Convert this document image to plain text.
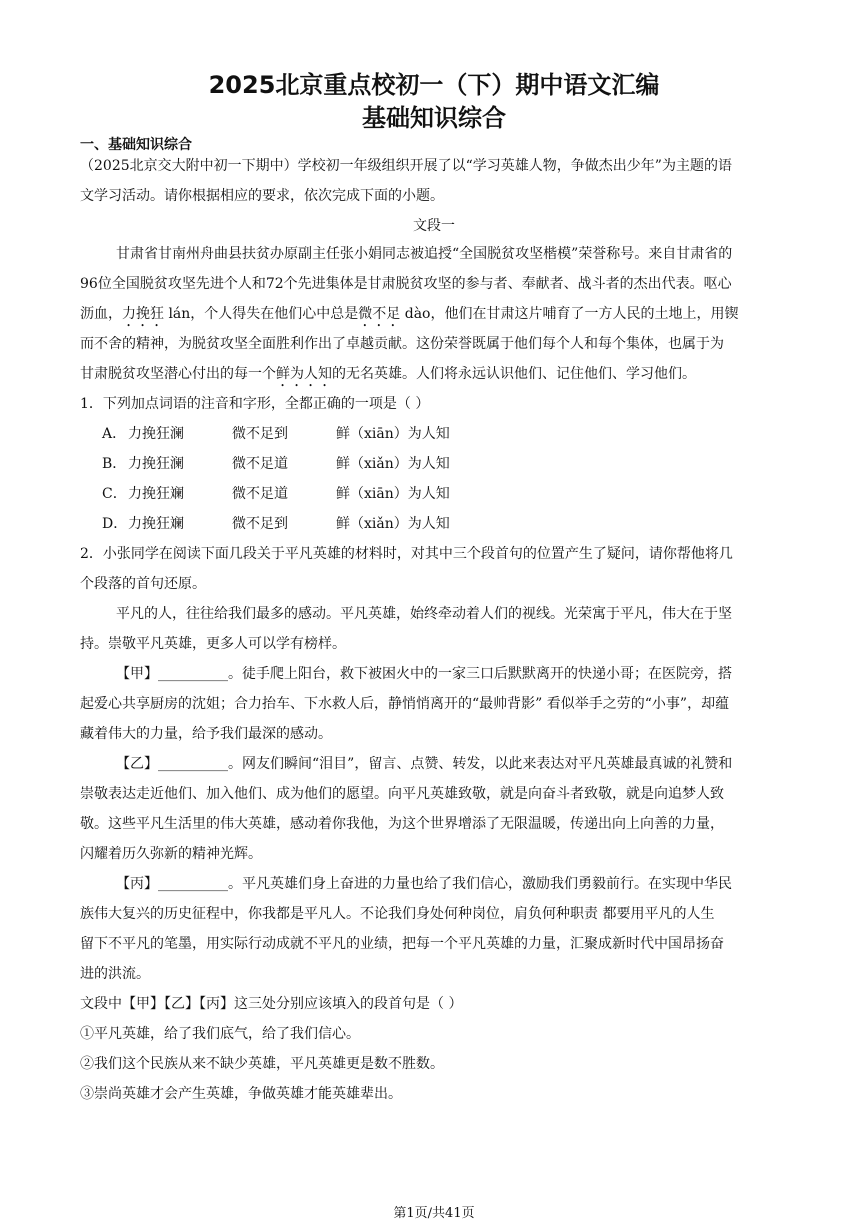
2025北京重点校初一（下）期中语文汇编
基础知识综合
一、基础知识综合
（2025北京交大附中初一下期中）学校初一年级组织开展了以“学习英雄人物，争做杰出少年”为主题的语
文学习活动。请你根据相应的要求，依次完成下面的小题。
文段一
甘肃省甘南州舟曲县扶贫办原副主任张小娟同志被追授“全国脱贫攻坚楷模”荣誉称号。来自甘肃省的
96位全国脱贫攻坚先进个人和72个先进集体是甘肃脱贫攻坚的参与者、奉献者、战斗者的杰出代表。呕心
沥血，力挽狂 lán，个人得失在他们心中总是微不足 dào，他们在甘肃这片哺育了一方人民的土地上，用锲
而不舍的精神，为脱贫攻坚全面胜利作出了卓越贡献。这份荣誉既属于他们每个人和每个集体，也属于为
甘肃脱贫攻坚潜心付出的每一个鲜为人知的无名英雄。人们将永远认识他们、记住他们、学习他们。
1．下列加点词语的注音和字形，全都正确的一项是（ ）
A． 力挽狂澜	微不足到	鲜（xiān）为人知
B． 力挽狂澜	微不足道	鲜（xiǎn）为人知
C．力挽狂斓	微不足道	鲜（xiān）为人知
D．力挽狂斓	微不足到	鲜（xiǎn）为人知
2．小张同学在阅读下面几段关于平凡英雄的材料时，对其中三个段首句的位置产生了疑问，请你帮他将几
个段落的首句还原。
平凡的人，往往给我们最多的感动。平凡英雄，始终牵动着人们的视线。光荣寓于平凡，伟大在于坚
持。崇敬平凡英雄，更多人可以学有榜样。
【甲】__________。徒手爬上阳台，救下被困火中的一家三口后默默离开的快递小哥；在医院旁，搭
起爱心共享厨房的沈姐；合力抬车、下水救人后，静悄悄离开的“最帅背影” 看似举手之劳的“小事”，却蕴
藏着伟大的力量，给予我们最深的感动。
【乙】__________。网友们瞬间“泪目”，留言、点赞、转发，以此来表达对平凡英雄最真诚的礼赞和
崇敬表达走近他们、加入他们、成为他们的愿望。向平凡英雄致敬，就是向奋斗者致敬，就是向追梦人致
敬。这些平凡生活里的伟大英雄，感动着你我他，为这个世界增添了无限温暖，传递出向上向善的力量，
闪耀着历久弥新的精神光辉。
【丙】__________。平凡英雄们身上奋进的力量也给了我们信心，激励我们勇毅前行。在实现中华民
族伟大复兴的历史征程中，你我都是平凡人。不论我们身处何种岗位，肩负何种职责 都要用平凡的人生
留下不平凡的笔墨，用实际行动成就不平凡的业绩，把每一个平凡英雄的力量，汇聚成新时代中国昂扬奋
进的洪流。
文段中【甲】【乙】【丙】这三处分别应该填入的段首句是（ ）
①平凡英雄，给了我们底气，给了我们信心。
②我们这个民族从来不缺少英雄，平凡英雄更是数不胜数。
③崇尚英雄才会产生英雄，争做英雄才能英雄辈出。
第1页/共41页
